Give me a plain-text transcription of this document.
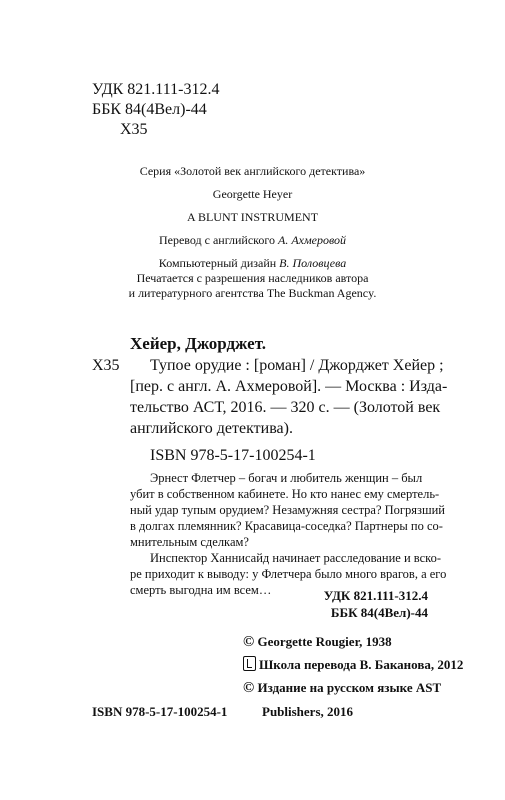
УДК 821.111-312.4
ББК 84(4Вел)-44
Х35
Серия «Золотой век английского детектива»
Georgette Heyer
A BLUNT INSTRUMENT
Перевод с английского А. Ахмеровой
Компьютерный дизайн В. Половцева
Печатается с разрешения наследников автора
и литературного агентства The Buckman Agency.
Хейер, Джорджет.
Х35 Тупое орудие : [роман] / Джорджет Хейер ;
[пер. с англ. А. Ахмеровой]. — Москва : Изда-
тельство АСТ, 2016. — 320 с. — (Золотой век
английского детектива).
ISBN 978-5-17-100254-1
Эрнест Флетчер – богач и любитель женщин – был
убит в собственном кабинете. Но кто нанес ему смертель-
ный удар тупым орудием? Незамужняя сестра? Погрязший
в долгах племянник? Красавица-соседка? Партнеры по со-
мнительным сделкам?
Инспектор Ханнисайд начинает расследование и вско-
ре приходит к выводу: у Флетчера было много врагов, а его
смерть выгодна им всем…	УДК 821.111-312.4
ББК 84(4Вел)-44
© Georgette Rougier, 1938
Школа перевода В. Баканова, 2012
© Издание на русском языке AST
Publishers, 2016
ISBN 978-5-17-100254-1
